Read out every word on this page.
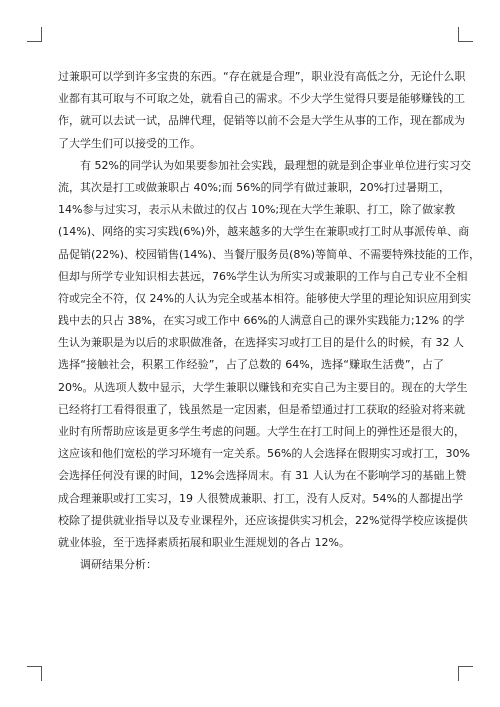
过兼职可以学到许多宝贵的东西。“存在就是合理”，职业没有高低之分，无论什么职
业都有其可取与不可取之处，就看自己的需求。不少大学生觉得只要是能够赚钱的工
作，就可以去试一试，品牌代理，促销等以前不会是大学生从事的工作，现在都成为
了大学生们可以接受的工作。
有 52%的同学认为如果要参加社会实践，最理想的就是到企事业单位进行实习交
流，其次是打工或做兼职占 40%;而 56%的同学有做过兼职，20%打过暑期工，
14%参与过实习，表示从未做过的仅占 10%;现在大学生兼职、打工，除了做家教
(14%)、网络的实习实践(6%)外，越来越多的大学生在兼职或打工时从事派传单、商
品促销(22%)、校园销售(14%)、当餐厅服务员(8%)等简单、不需要特殊技能的工作，
但却与所学专业知识相去甚远，76%学生认为所实习或兼职的工作与自己专业不全相
符或完全不符，仅 24%的人认为完全或基本相符。能够使大学里的理论知识应用到实
践中去的只占 38%，在实习或工作中 66%的人满意自己的课外实践能力;12% 的学
生认为兼职是为以后的求职做准备，在选择实习或打工目的是什么的时候，有 32 人
选择“接触社会，积累工作经验”，占了总数的 64%，选择“赚取生活费”，占了
20%。从选项人数中显示，大学生兼职以赚钱和充实自己为主要目的。现在的大学生
已经将打工看得很重了，钱虽然是一定因素，但是希望通过打工获取的经验对将来就
业时有所帮助应该是更多学生考虑的问题。大学生在打工时间上的弹性还是很大的，
这应该和他们宽松的学习环境有一定关系。56%的人会选择在假期实习或打工，30%
会选择任何没有课的时间，12%会选择周末。有 31 人认为在不影响学习的基础上赞
成合理兼职或打工实习，19 人很赞成兼职、打工，没有人反对。54%的人都提出学
校除了提供就业指导以及专业课程外，还应该提供实习机会，22%觉得学校应该提供
就业体验，至于选择素质拓展和职业生涯规划的各占 12%。
调研结果分析：
